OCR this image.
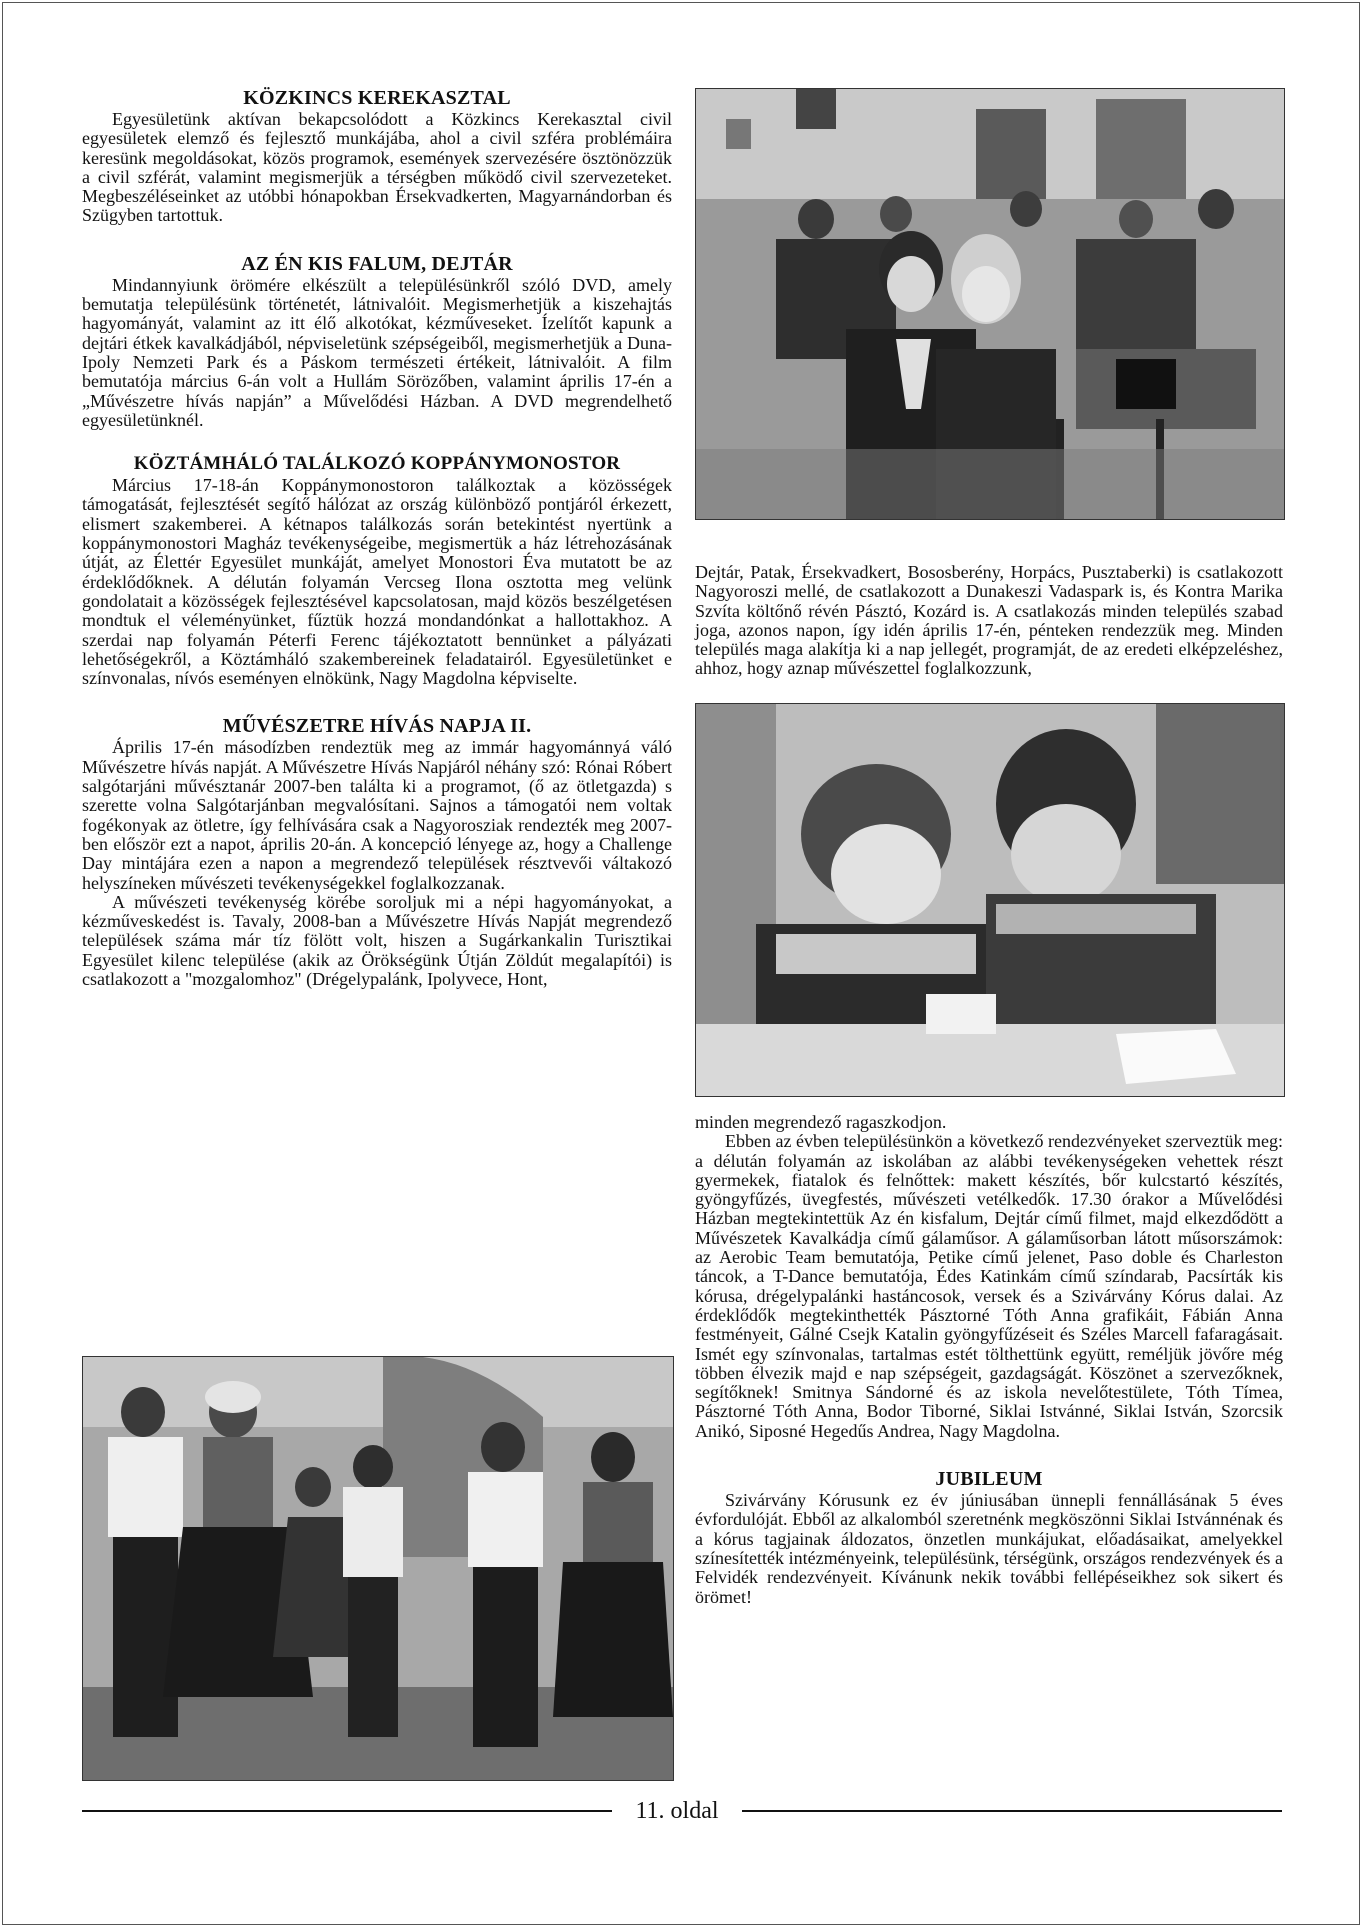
KÖZKINCS KEREKASZTAL

Egyesületünk aktívan bekapcsolódott a Közkincs Kerekasztal civil egyesületek elemző és fejlesztő munkájába, ahol a civil szféra problémáira keresünk megoldásokat, közös programok, események szervezésére ösztönözzük a civil szférát, valamint megismerjük a térségben működő civil szervezeteket. Megbeszéléseinket az utóbbi hónapokban Érsekvadkerten, Magyarnándorban és Szügyben tartottuk.

AZ ÉN KIS FALUM, DEJTÁR

Mindannyiunk örömére elkészült a településünkről szóló DVD, amely bemutatja településünk történetét, látnivalóit. Megismerhetjük a kiszehajtás hagyományát, valamint az itt élő alkotókat, kézműveseket. Ízelítőt kapunk a dejtári étkek kavalkádjából, népviseletünk szépségeiből, megismerhetjük a Duna-Ipoly Nemzeti Park és a Páskom természeti értékeit, látnivalóit. A film bemutatója március 6-án volt a Hullám Sörözőben, valamint április 17-én a „Művészetre hívás napján” a Művelődési Házban. A DVD megrendelhető egyesületünknél.

KÖZTÁMHÁLÓ TALÁLKOZÓ KOPPÁNYMONOSTOR

Március 17-18-án Koppánymonostoron találkoztak a közösségek támogatását, fejlesztését segítő hálózat az ország különböző pontjáról érkezett, elismert szakemberei. A kétnapos találkozás során betekintést nyertünk a koppánymonostori Magház tevékenységeibe, megismertük a ház létrehozásának útját, az Élettér Egyesület munkáját, amelyet Monostori Éva mutatott be az érdeklődőknek. A délután folyamán Vercseg Ilona osztotta meg velünk gondolatait a közösségek fejlesztésével kapcsolatosan, majd közös beszélgetésen mondtuk el véleményünket, fűztük hozzá mondandónkat a hallottakhoz. A szerdai nap folyamán Péterfi Ferenc tájékoztatott bennünket a pályázati lehetőségekről, a Köztámháló szakembereinek feladatairól. Egyesületünket e színvonalas, nívós eseményen elnökünk, Nagy Magdolna képviselte.

MŰVÉSZETRE HÍVÁS NAPJA II.

Április 17-én másodízben rendeztük meg az immár hagyománnyá váló Művészetre hívás napját. A Művészetre Hívás Napjáról néhány szó: Rónai Róbert salgótarjáni művésztanár 2007-ben találta ki a programot, (ő az ötletgazda) s szerette volna Salgótarjánban megvalósítani. Sajnos a támogatói nem voltak fogékonyak az ötletre, így felhívására csak a Nagyorosziak rendezték meg 2007-ben először ezt a napot, április 20-án. A koncepció lényege az, hogy a Challenge Day mintájára ezen a napon a megrendező települések résztvevői váltakozó helyszíneken művészeti tevékenységekkel foglalkozzanak.

A művészeti tevékenység körébe soroljuk mi a népi hagyományokat, a kézműveskedést is. Tavaly, 2008-ban a Művészetre Hívás Napját megrendező települések száma már tíz fölött volt, hiszen a Sugárkankalin Turisztikai Egyesület kilenc települése (akik az Örökségünk Útján Zöldút megalapítói) is csatlakozott a "mozgalomhoz" (Drégelypalánk, Ipolyvece, Hont,

Dejtár, Patak, Érsekvadkert, Bososberény, Horpács, Pusztaberki) is csatlakozott Nagyoroszi mellé, de csatlakozott a Dunakeszi Vadaspark is, és Kontra Marika Szvíta költőnő révén Pásztó, Kozárd is. A csatlakozás minden település szabad joga, azonos napon, így idén április 17-én, pénteken rendezzük meg. Minden település maga alakítja ki a nap jellegét, programját, de az eredeti elképzeléshez, ahhoz, hogy aznap művészettel foglalkozzunk,

minden megrendező ragaszkodjon.

Ebben az évben településünkön a következő rendezvényeket szerveztük meg: a délután folyamán az iskolában az alábbi tevékenységeken vehettek részt gyermekek, fiatalok és felnőttek: makett készítés, bőr kulcstartó készítés, gyöngyfűzés, üvegfestés, művészeti vetélkedők. 17.30 órakor a Művelődési Házban megtekintettük Az én kisfalum, Dejtár című filmet, majd elkezdődött a Művészetek Kavalkádja című gálaműsor. A gálaműsorban látott műsorszámok: az Aerobic Team bemutatója, Petike című jelenet, Paso doble és Charleston táncok, a T-Dance bemutatója, Édes Katinkám című színdarab, Pacsírták kis kórusa, drégelypalánki hastáncosok, versek és a Szivárvány Kórus dalai. Az érdeklődők megtekinthették Pásztorné Tóth Anna grafikáit, Fábián Anna festményeit, Gálné Csejk Katalin gyöngyfűzéseit és Széles Marcell fafaragásait. Ismét egy színvonalas, tartalmas estét tölthettünk együtt, reméljük jövőre még többen élvezik majd e nap szépségeit, gazdagságát. Köszönet a szervezőknek, segítőknek! Smitnya Sándorné és az iskola nevelőtestülete, Tóth Tímea, Pásztorné Tóth Anna, Bodor Tiborné, Siklai Istvánné, Siklai István, Szorcsik Anikó, Siposné Hegedűs Andrea, Nagy Magdolna.

JUBILEUM

Szivárvány Kórusunk ez év júniusában ünnepli fennállásának 5 éves évfordulóját. Ebből az alkalomból szeretnénk megköszönni Siklai Istvánnénak és a kórus tagjainak áldozatos, önzetlen munkájukat, előadásaikat, amelyekkel színesítették intézményeink, településünk, térségünk, országos rendezvények és a Felvidék rendezvényeit. Kívánunk nekik további fellépéseikhez sok sikert és örömet!

11. oldal
